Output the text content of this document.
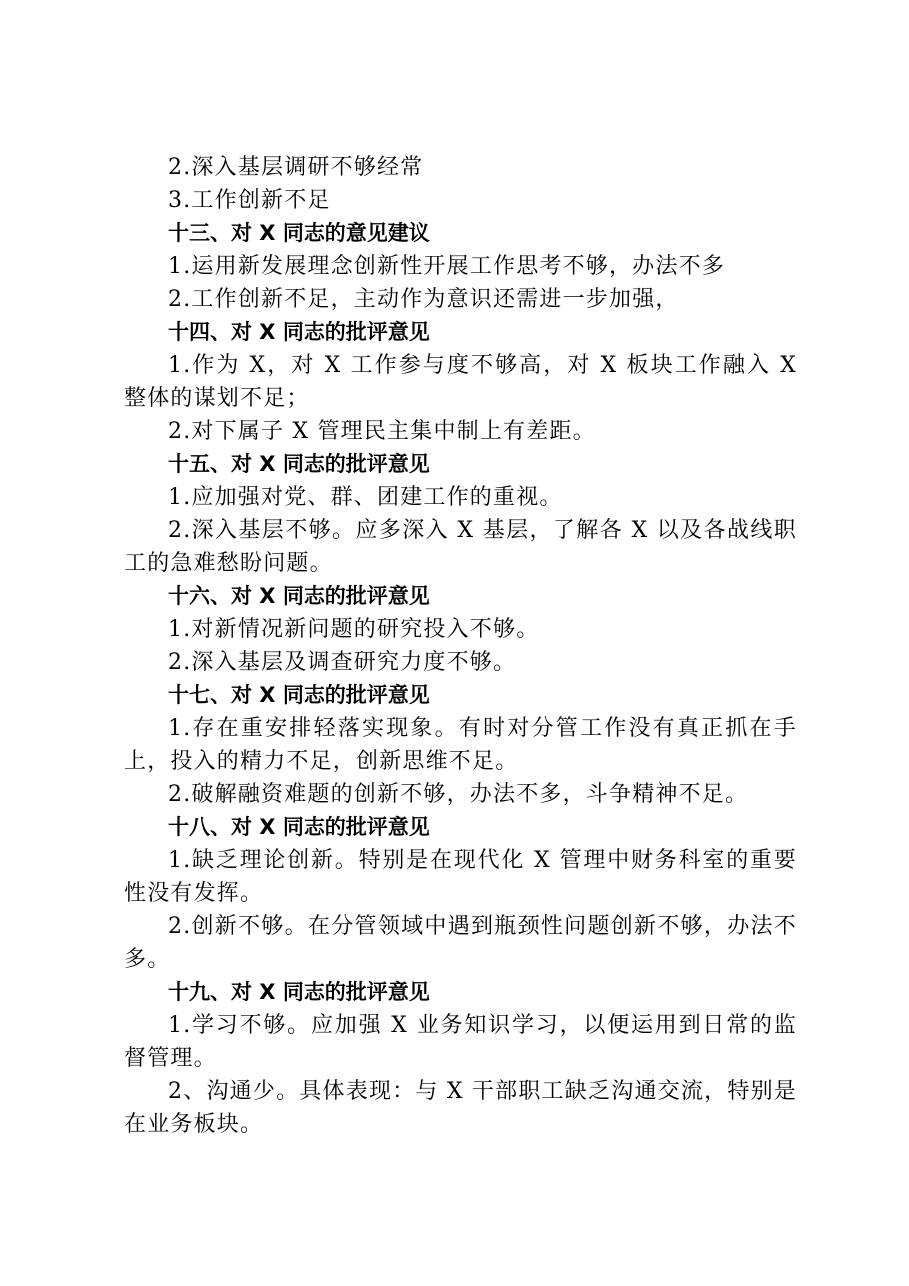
2.深入基层调研不够经常

3.工作创新不足

十三、对 X 同志的意见建议

1.运用新发展理念创新性开展工作思考不够，办法不多

2.工作创新不足，主动作为意识还需进一步加强，

十四、对 X 同志的批评意见

1.作为 X，对 X 工作参与度不够高，对 X 板块工作融入 X 整体的谋划不足；

2.对下属子 X 管理民主集中制上有差距。

十五、对 X 同志的批评意见

1.应加强对党、群、团建工作的重视。

2.深入基层不够。应多深入 X 基层，了解各 X 以及各战线职工的急难愁盼问题。

十六、对 X 同志的批评意见

1.对新情况新问题的研究投入不够。

2.深入基层及调查研究力度不够。

十七、对 X 同志的批评意见

1.存在重安排轻落实现象。有时对分管工作没有真正抓在手上，投入的精力不足，创新思维不足。

2.破解融资难题的创新不够，办法不多，斗争精神不足。

十八、对 X 同志的批评意见

1.缺乏理论创新。特别是在现代化 X 管理中财务科室的重要性没有发挥。

2.创新不够。在分管领域中遇到瓶颈性问题创新不够，办法不多。

十九、对 X 同志的批评意见

1.学习不够。应加强 X 业务知识学习，以便运用到日常的监督管理。

2、沟通少。具体表现：与 X 干部职工缺乏沟通交流，特别是在业务板块。
